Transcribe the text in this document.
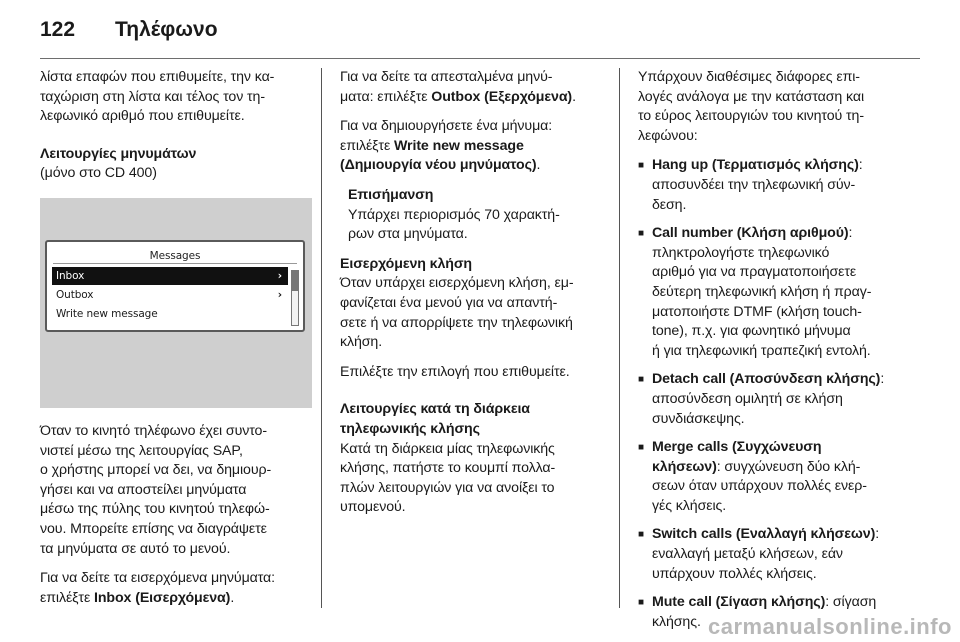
122 Τηλέφωνο

λίστα επαφών που επιθυμείτε, την κα-
ταχώριση στη λίστα και τέλος τον τη-
λεφωνικό αριθμό που επιθυμείτε.

Λειτουργίες μηνυμάτων
(μόνο στο CD 400)

Messages
Inbox	›
Outbox	›
Write new message

Όταν το κινητό τηλέφωνο έχει συντο-
νιστεί μέσω της λειτουργίας SAP,
ο χρήστης μπορεί να δει, να δημιουρ-
γήσει και να αποστείλει μηνύματα
μέσω της πύλης του κινητού τηλεφώ-
νου. Μπορείτε επίσης να διαγράψετε
τα μηνύματα σε αυτό το μενού.

Για να δείτε τα εισερχόμενα μηνύματα:
επιλέξτε Inbox (Εισερχόμενα).

Για να δείτε τα απεσταλμένα μηνύ-
ματα: επιλέξτε Outbox (Εξερχόμενα).

Για να δημιουργήσετε ένα μήνυμα:
επιλέξτε Write new message
(Δημιουργία νέου μηνύματος).

Επισήμανση
Υπάρχει περιορισμός 70 χαρακτή-
ρων στα μηνύματα.

Εισερχόμενη κλήση
Όταν υπάρχει εισερχόμενη κλήση, εμ-
φανίζεται ένα μενού για να απαντή-
σετε ή να απορρίψετε την τηλεφωνική
κλήση.

Επιλέξτε την επιλογή που επιθυμείτε.

Λειτουργίες κατά τη διάρκεια
τηλεφωνικής κλήσης
Κατά τη διάρκεια μίας τηλεφωνικής
κλήσης, πατήστε το κουμπί πολλα-
πλών λειτουργιών για να ανοίξει το
υπομενού.

Υπάρχουν διαθέσιμες διάφορες επι-
λογές ανάλογα με την κατάσταση και
το εύρος λειτουργιών του κινητού τη-
λεφώνου:

■ Hang up (Τερματισμός κλήσης):
αποσυνδέει την τηλεφωνική σύν-
δεση.
■ Call number (Κλήση αριθμού):
πληκτρολογήστε τηλεφωνικό
αριθμό για να πραγματοποιήσετε
δεύτερη τηλεφωνική κλήση ή πραγ-
ματοποιήστε DTMF (κλήση touch-
tone), π.χ. για φωνητικό μήνυμα
ή για τηλεφωνική τραπεζική εντολή.
■ Detach call (Αποσύνδεση κλήσης):
αποσύνδεση ομιλητή σε κλήση
συνδιάσκεψης.
■ Merge calls (Συγχώνευση
κλήσεων): συγχώνευση δύο κλή-
σεων όταν υπάρχουν πολλές ενερ-
γές κλήσεις.
■ Switch calls (Εναλλαγή κλήσεων):
εναλλαγή μεταξύ κλήσεων, εάν
υπάρχουν πολλές κλήσεις.
■ Mute call (Σίγαση κλήσης): σίγαση
κλήσης. carmanualsonline.info
